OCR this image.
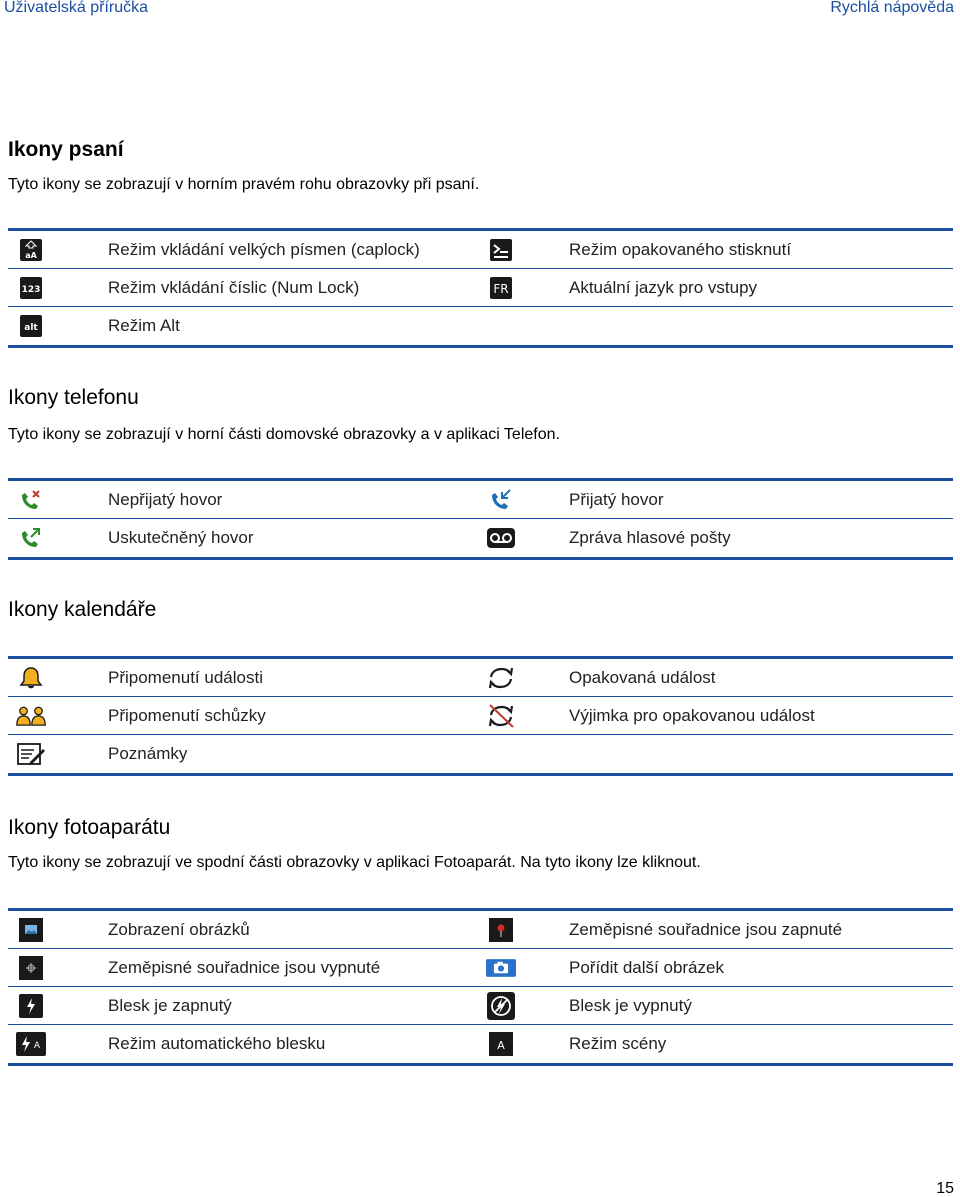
Uživatelská příručka	Rychlá nápověda
Ikony psaní
Tyto ikony se zobrazují v horním pravém rohu obrazovky při psaní.
aA	Režim vkládání velkých písmen (caplock)	Režim opakovaného stisknutí
123	Režim vkládání číslic (Num Lock)	FR	Aktuální jazyk pro vstupy
alt	Režim Alt
Ikony telefonu
Tyto ikony se zobrazují v horní části domovské obrazovky a v aplikaci Telefon.
Nepřijatý hovor	Přijatý hovor
Uskutečněný hovor	Zpráva hlasové pošty
Ikony kalendáře
Připomenutí události	Opakovaná událost
Připomenutí schůzky	Výjimka pro opakovanou událost
Poznámky
Ikony fotoaparátu
Tyto ikony se zobrazují ve spodní části obrazovky v aplikaci Fotoaparát. Na tyto ikony lze kliknout.
Zobrazení obrázků	Zeměpisné souřadnice jsou zapnuté
Zeměpisné souřadnice jsou vypnuté	Pořídit další obrázek
Blesk je zapnutý	Blesk je vypnutý
A	Režim automatického blesku	A	Režim scény
15
